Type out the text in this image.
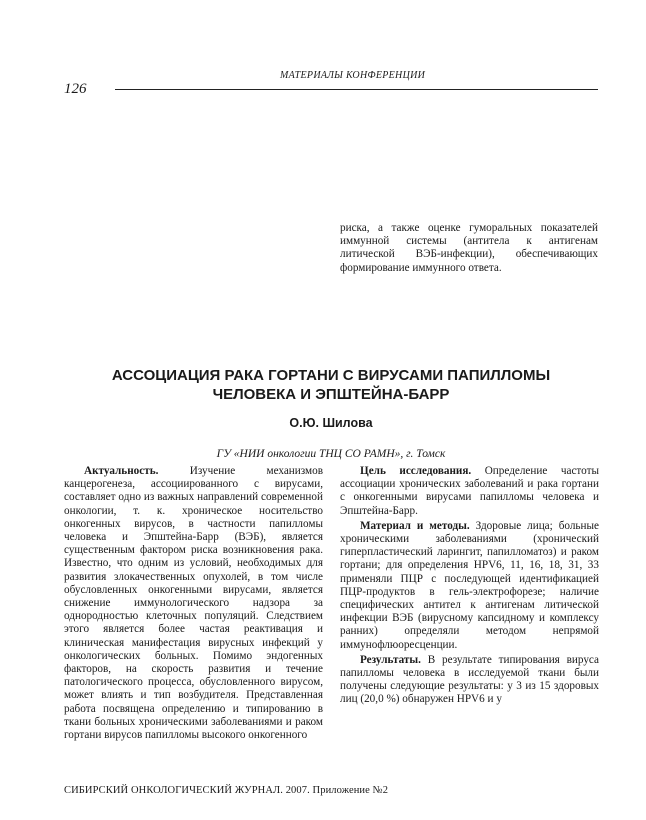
МАТЕРИАЛЫ КОНФЕРЕНЦИИ
126

риска, а также оценке гуморальных показателей иммунной системы (антитела к антигенам литической ВЭБ-инфекции), обеспечивающих формирование иммунного ответа.

АССОЦИАЦИЯ РАКА ГОРТАНИ С ВИРУСАМИ ПАПИЛЛОМЫ
ЧЕЛОВЕКА И ЭПШТЕЙНА-БАРР
О.Ю. Шилова
ГУ «НИИ онкологии ТНЦ СО РАМН», г. Томск

Актуальность. Изучение механизмов канцерогенеза, ассоциированного с вирусами, составляет одно из важных направлений современной онкологии, т. к. хроническое носительство онкогенных вирусов, в частности папилломы человека и Эпштейна-Барр (ВЭБ), является существенным фактором риска возникновения рака. Известно, что одним из условий, необходимых для развития злокачественных опухолей, в том числе обусловленных онкогенными вирусами, является снижение иммунологического надзора за однородностью клеточных популяций. Следствием этого является более частая реактивация и клиническая манифестация вирусных инфекций у онкологических больных. Помимо эндогенных факторов, на скорость развития и течение патологического процесса, обусловленного вирусом, может влиять и тип возбудителя. Представленная работа посвящена определению и типированию в ткани больных хроническими заболеваниями и раком гортани вирусов папилломы высокого онкогенного

Цель исследования. Определение частоты ассоциации хронических заболеваний и рака гортани с онкогенными вирусами папилломы человека и Эпштейна-Барр.

Материал и методы. Здоровые лица; больные хроническими заболеваниями (хронический гиперпластический ларингит, папилломатоз) и раком гортани; для определения HPV6, 11, 16, 18, 31, 33 применяли ПЦР с последующей идентификацией ПЦР-продуктов в гель-электрофорезе; наличие специфических антител к антигенам литической инфекции ВЭБ (вирусному капсидному и комплексу ранних) определяли методом непрямой иммунофлюоресценции.

Результаты. В результате типирования вируса папилломы человека в исследуемой ткани были получены следующие результаты: у 3 из 15 здоровых лиц (20,0 %) обнаружен HPV6 и у

СИБИРСКИЙ ОНКОЛОГИЧЕСКИЙ ЖУРНАЛ. 2007. Приложение №2
